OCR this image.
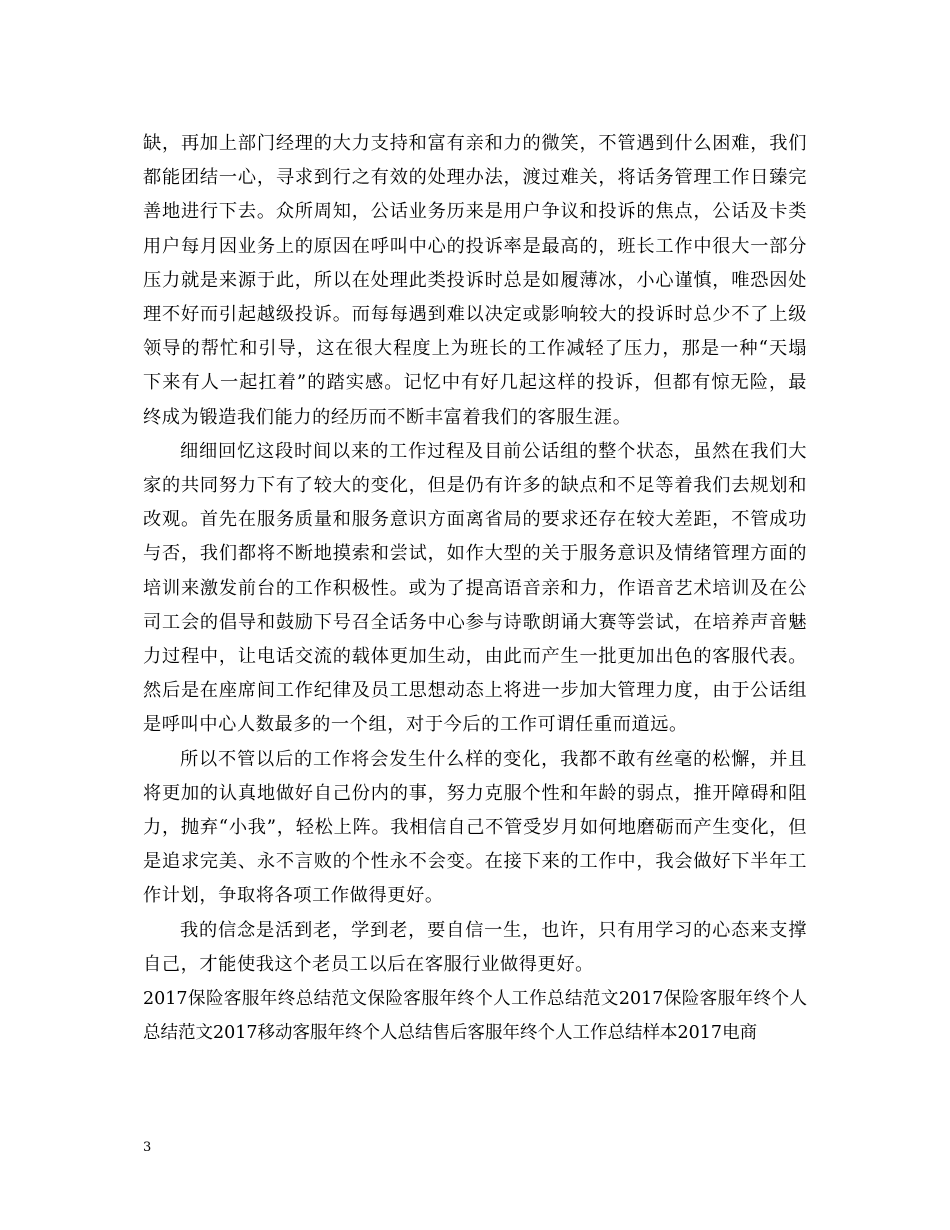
缺，再加上部门经理的大力支持和富有亲和力的微笑，不管遇到什么困难，我们都能团结一心，寻求到行之有效的处理办法，渡过难关，将话务管理工作日臻完善地进行下去。众所周知，公话业务历来是用户争议和投诉的焦点，公话及卡类用户每月因业务上的原因在呼叫中心的投诉率是最高的，班长工作中很大一部分压力就是来源于此，所以在处理此类投诉时总是如履薄冰，小心谨慎，唯恐因处理不好而引起越级投诉。而每每遇到难以决定或影响较大的投诉时总少不了上级领导的帮忙和引导，这在很大程度上为班长的工作减轻了压力，那是一种“天塌下来有人一起扛着”的踏实感。记忆中有好几起这样的投诉，但都有惊无险，最终成为锻造我们能力的经历而不断丰富着我们的客服生涯。

细细回忆这段时间以来的工作过程及目前公话组的整个状态，虽然在我们大家的共同努力下有了较大的变化，但是仍有许多的缺点和不足等着我们去规划和改观。首先在服务质量和服务意识方面离省局的要求还存在较大差距，不管成功与否，我们都将不断地摸索和尝试，如作大型的关于服务意识及情绪管理方面的培训来激发前台的工作积极性。或为了提高语音亲和力，作语音艺术培训及在公司工会的倡导和鼓励下号召全话务中心参与诗歌朗诵大赛等尝试，在培养声音魅力过程中，让电话交流的载体更加生动，由此而产生一批更加出色的客服代表。然后是在座席间工作纪律及员工思想动态上将进一步加大管理力度，由于公话组是呼叫中心人数最多的一个组，对于今后的工作可谓任重而道远。

所以不管以后的工作将会发生什么样的变化，我都不敢有丝毫的松懈，并且将更加的认真地做好自己份内的事，努力克服个性和年龄的弱点，推开障碍和阻力，抛弃“小我”，轻松上阵。我相信自己不管受岁月如何地磨砺而产生变化，但是追求完美、永不言败的个性永不会变。在接下来的工作中，我会做好下半年工作计划，争取将各项工作做得更好。

我的信念是活到老，学到老，要自信一生，也许，只有用学习的心态来支撑自己，才能使我这个老员工以后在客服行业做得更好。

2017保险客服年终总结范文保险客服年终个人工作总结范文2017保险客服年终个人总结范文2017移动客服年终个人总结售后客服年终个人工作总结样本2017电商

3
